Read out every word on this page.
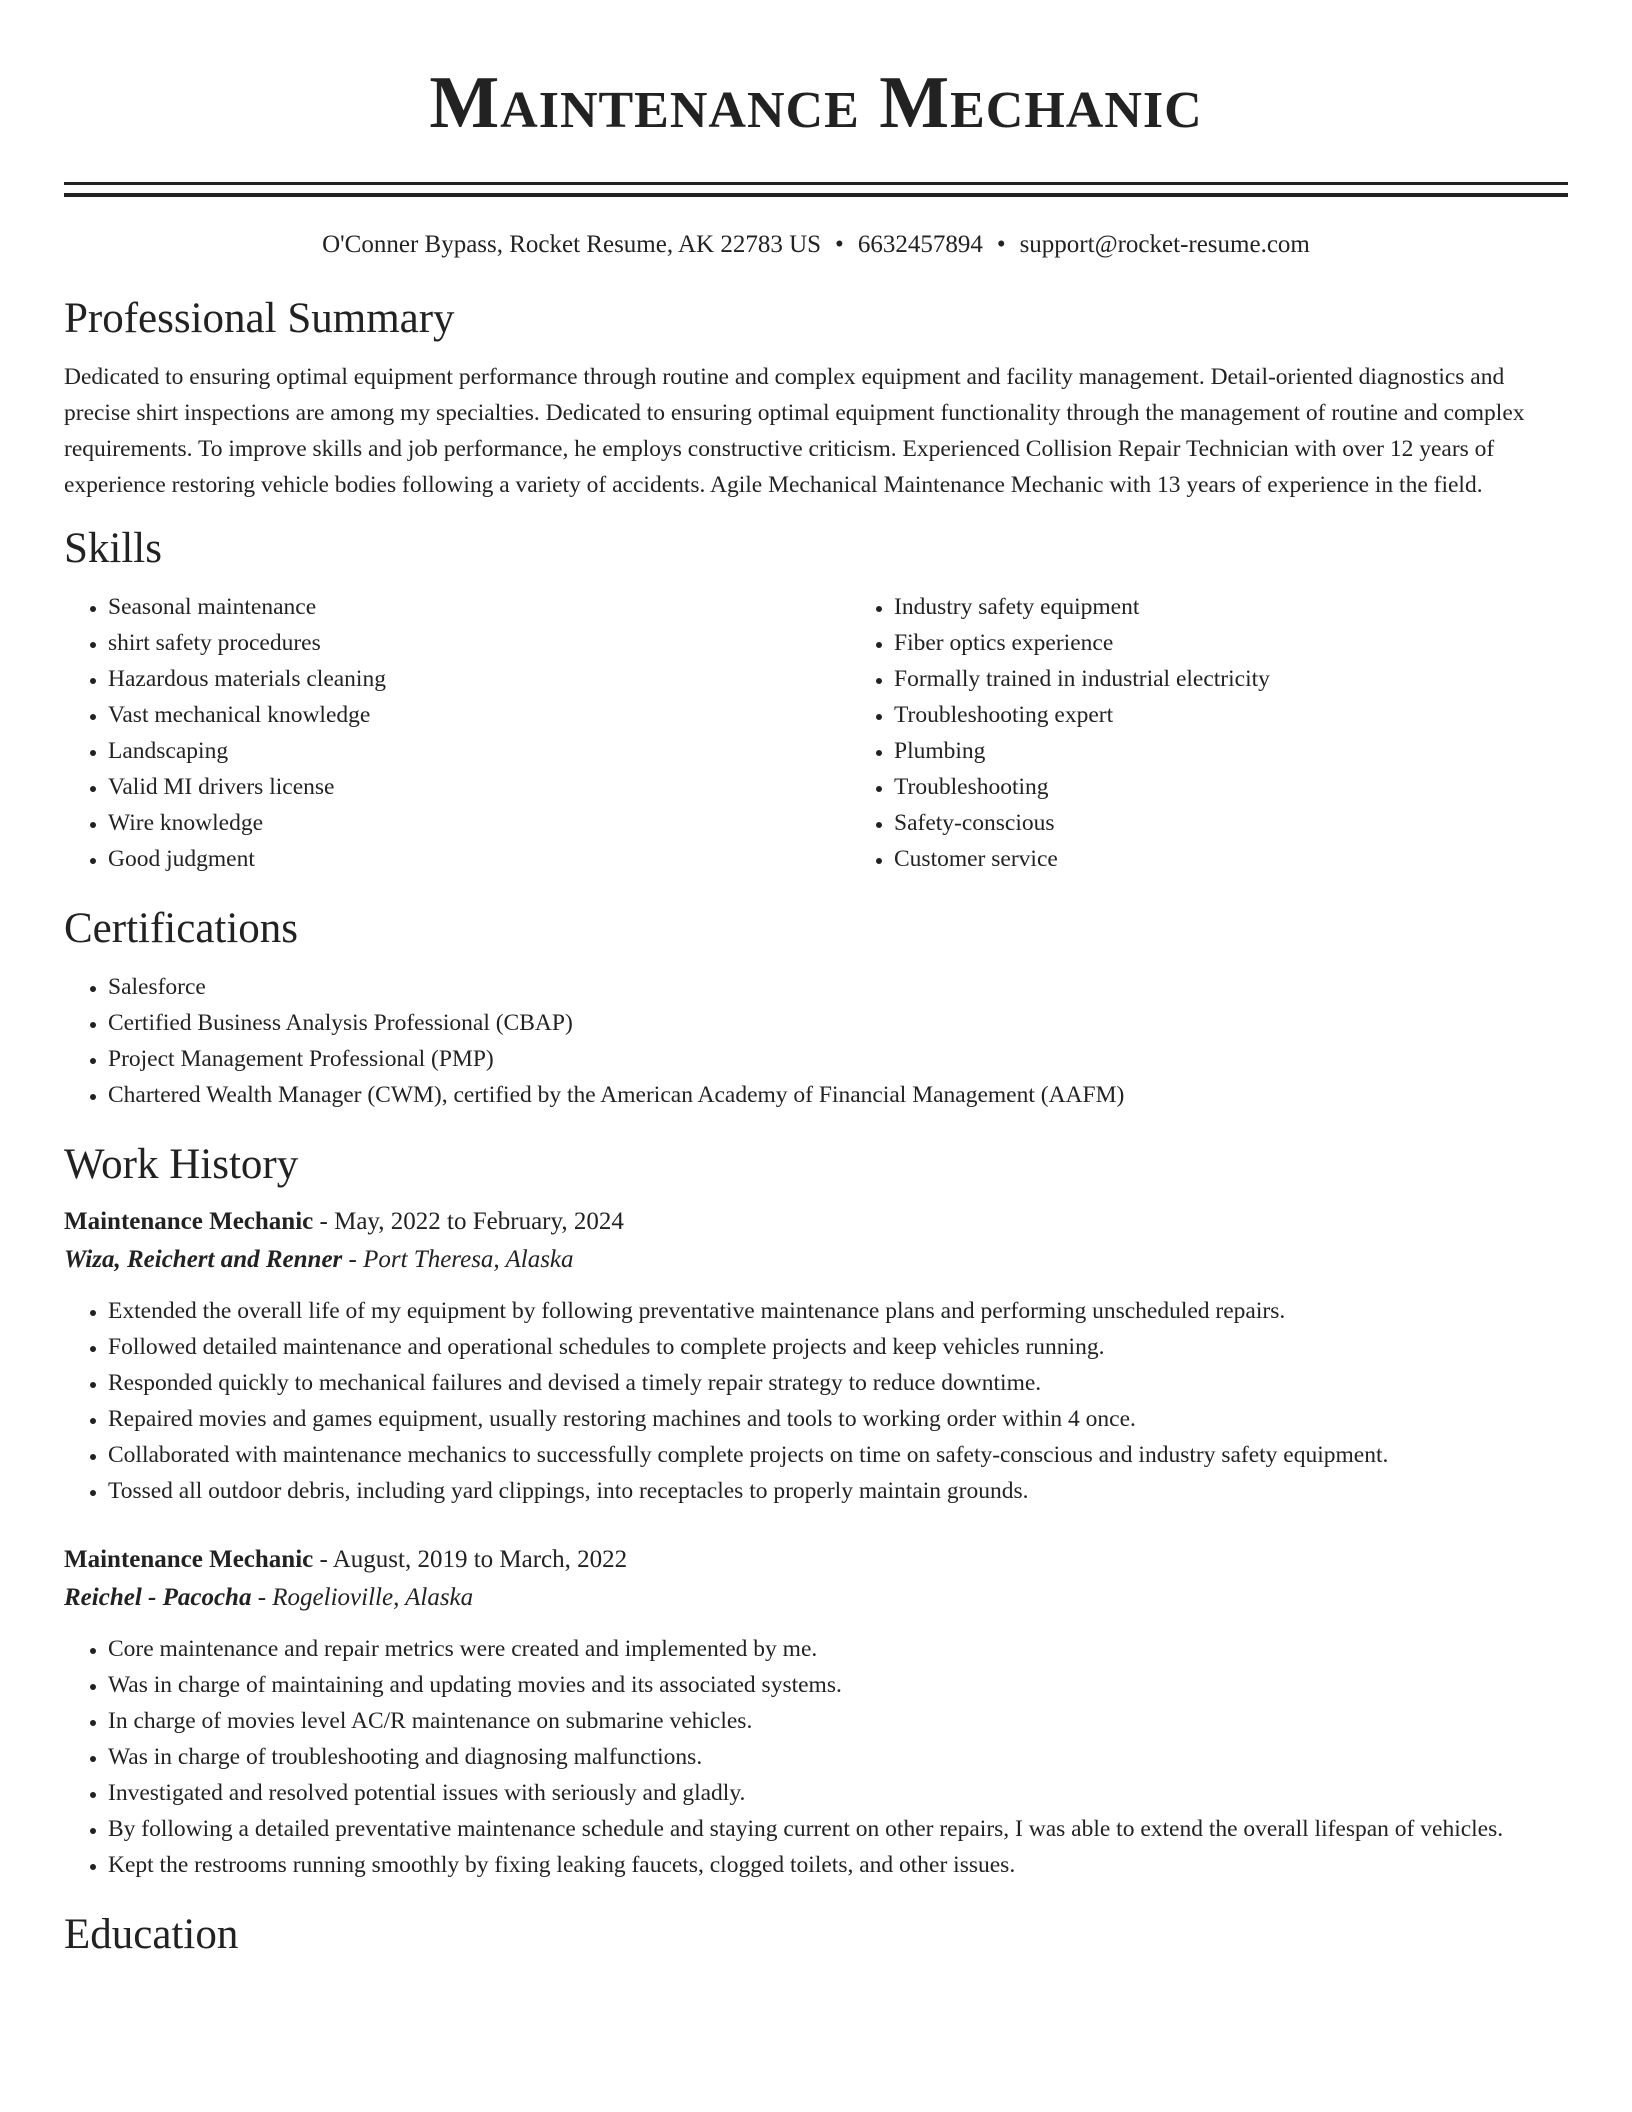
Maintenance Mechanic
O'Conner Bypass, Rocket Resume, AK 22783 US • 6632457894 • support@rocket-resume.com
Professional Summary

Dedicated to ensuring optimal equipment performance through routine and complex equipment and facility management. Detail-oriented diagnostics and precise shirt inspections are among my specialties. Dedicated to ensuring optimal equipment functionality through the management of routine and complex requirements. To improve skills and job performance, he employs constructive criticism. Experienced Collision Repair Technician with over 12 years of experience restoring vehicle bodies following a variety of accidents. Agile Mechanical Maintenance Mechanic with 13 years of experience in the field.

Skills
• Seasonal maintenance
• shirt safety procedures
• Hazardous materials cleaning
• Vast mechanical knowledge
• Landscaping
• Valid MI drivers license
• Wire knowledge
• Good judgment
• Industry safety equipment
• Fiber optics experience
• Formally trained in industrial electricity
• Troubleshooting expert
• Plumbing
• Troubleshooting
• Safety-conscious
• Customer service
Certifications
• Salesforce
• Certified Business Analysis Professional (CBAP)
• Project Management Professional (PMP)
• Chartered Wealth Manager (CWM), certified by the American Academy of Financial Management (AAFM)
Work History

Maintenance Mechanic - May, 2022 to February, 2024

Wiza, Reichert and Renner - Port Theresa, Alaska

• Extended the overall life of my equipment by following preventative maintenance plans and performing unscheduled repairs.
• Followed detailed maintenance and operational schedules to complete projects and keep vehicles running.
• Responded quickly to mechanical failures and devised a timely repair strategy to reduce downtime.
• Repaired movies and games equipment, usually restoring machines and tools to working order within 4 once.
• Collaborated with maintenance mechanics to successfully complete projects on time on safety-conscious and industry safety equipment.
• Tossed all outdoor debris, including yard clippings, into receptacles to properly maintain grounds.

Maintenance Mechanic - August, 2019 to March, 2022

Reichel - Pacocha - Rogelioville, Alaska

• Core maintenance and repair metrics were created and implemented by me.
• Was in charge of maintaining and updating movies and its associated systems.
• In charge of movies level AC/R maintenance on submarine vehicles.
• Was in charge of troubleshooting and diagnosing malfunctions.
• Investigated and resolved potential issues with seriously and gladly.
• By following a detailed preventative maintenance schedule and staying current on other repairs, I was able to extend the overall lifespan of vehicles.
• Kept the restrooms running smoothly by fixing leaking faucets, clogged toilets, and other issues.
Education
